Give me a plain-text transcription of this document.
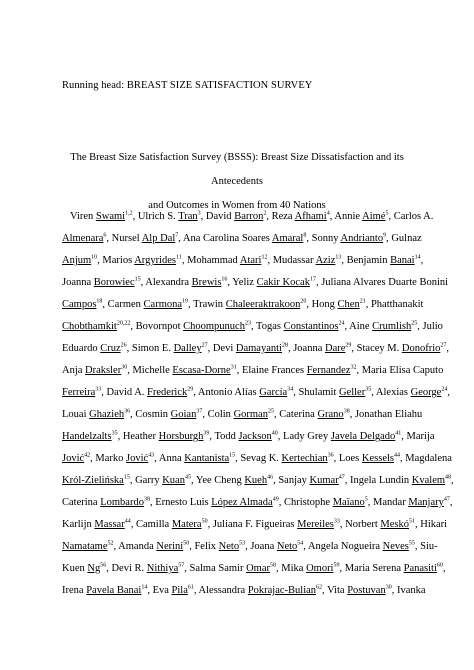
Running head: BREAST SIZE SATISFACTION SURVEY
The Breast Size Satisfaction Survey (BSSS): Breast Size Dissatisfaction and its Antecedents
and Outcomes in Women from 40 Nations
Viren Swami$^{1,2}$, Ulrich S. Tran$^3$, David Barron$^2$, Reza Afhami$^4$, Annie Aimé$^5$, Carlos A.
Almenara$^6$, Nursel Alp Dal$^7$, Ana Carolina Soares Amaral$^8$, Sonny Andrianto$^9$, Gulnaz
Anjum$^{10}$, Marios Argyrides$^{11}$, Mohammad Atari$^{12}$, Mudassar Aziz$^{13}$, Benjamin Banai$^{14}$,
Joanna Borowiec$^{15}$, Alexandra Brewis$^{16}$, Yeliz Cakir Kocak$^{17}$, Juliana Alvares Duarte Bonini
Campos$^{18}$, Carmen Carmona$^{19}$, Trawin Chaleeraktrakoon$^{20}$, Hong Chen$^{21}$, Phatthanakit
Chobthamkit$^{20,22}$, Bovornpot Choompunuch$^{23}$, Togas Constantinos$^{24}$, Aine Crumlish$^{25}$, Julio
Eduardo Cruz$^{26}$, Simon E. Dalley$^{27}$, Devi Damayanti$^{28}$, Joanna Dare$^{29}$, Stacey M. Donofrio$^{27}$,
Anja Draksler$^{30}$, Michelle Escasa-Dorne$^{31}$, Elaine Frances Fernandez$^{32}$, Maria Elisa Caputo
Ferreira$^{33}$, David A. Frederick$^{29}$, Antonio Alías García$^{34}$, Shulamit Geller$^{35}$, Alexias George$^{24}$,
Louai Ghazieh$^{36}$, Cosmin Goian$^{37}$, Colin Gorman$^{25}$, Caterina Grano$^{38}$, Jonathan Eliahu
Handelzalts$^{35}$, Heather Horsburgh$^{39}$, Todd Jackson$^{40}$, Lady Grey Javela Delgado$^{41}$, Marija
Jović$^{42}$, Marko Jović$^{43}$, Anna Kantanista$^{15}$, Sevag K. Kertechian$^{36}$, Loes Kessels$^{44}$, Magdalena
Król-Zielińska$^{15}$, Garry Kuan$^{45}$, Yee Cheng Kueh$^{46}$, Sanjay Kumar$^{47}$, Ingela Lundin Kvalem$^{48}$,
Caterina Lombardo$^{38}$, Ernesto Luis López Almada$^{49}$, Christophe Maïano$^5$, Mandar Manjary$^{47}$,
Karlijn Massar$^{44}$, Camilla Matera$^{50}$, Juliana F. Figueiras Mereiles$^{33}$, Norbert Meskó$^{51}$, Hikari
Namatame$^{52}$, Amanda Nerini$^{50}$, Felix Neto$^{53}$, Joana Neto$^{54}$, Angela Nogueira Neves$^{55}$, Siu-
Kuen Ng$^{56}$, Devi R. Nithiya$^{57}$, Salma Samir Omar$^{58}$, Mika Omori$^{59}$, Maria Serena Panasiti$^{60}$,
Irena Pavela Banai$^{14}$, Eva Pila$^{61}$, Alessandra Pokrajac-Bulian$^{62}$, Vita Postuvan$^{30}$, Ivanka
